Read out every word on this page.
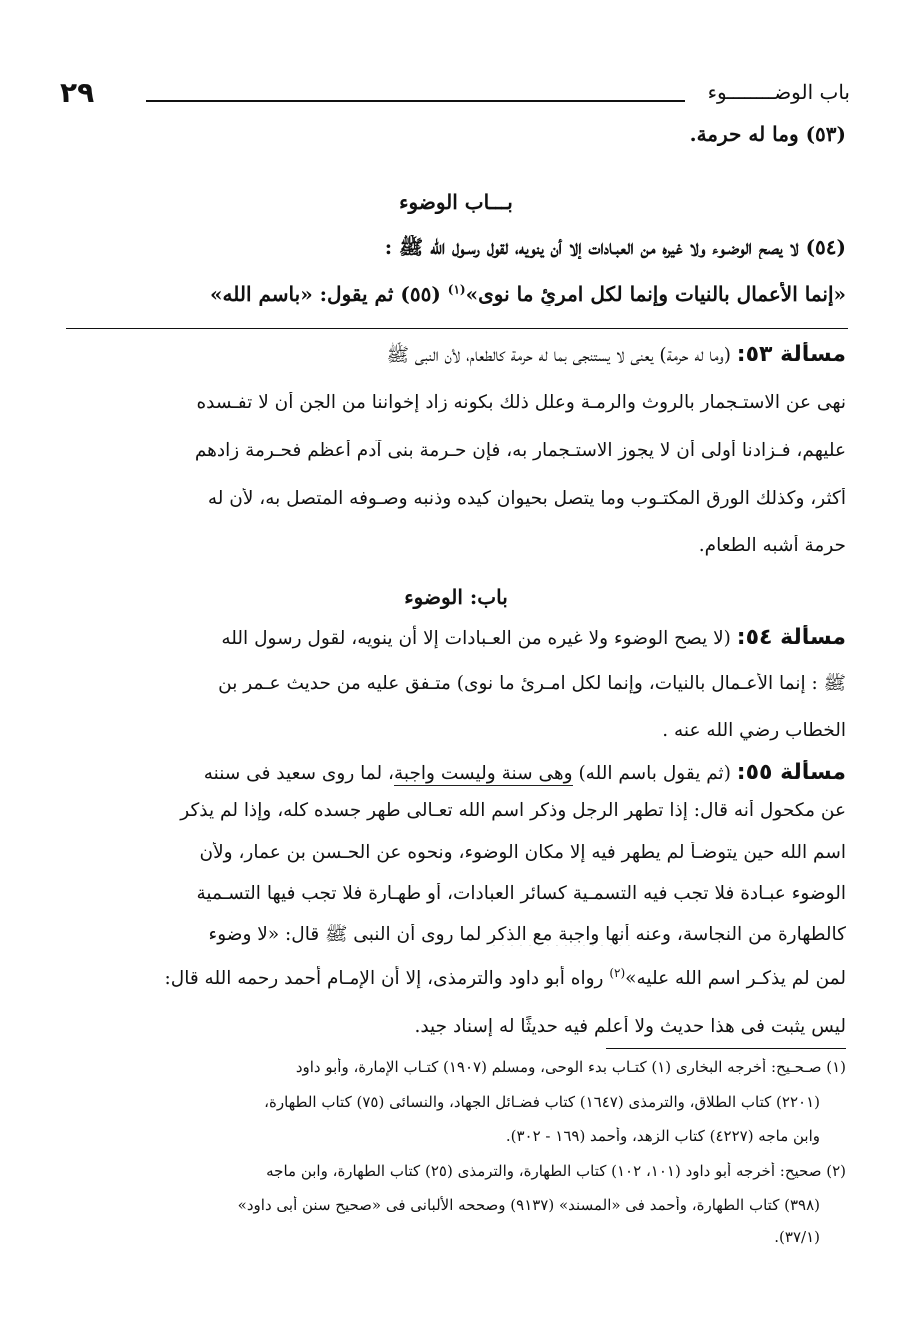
باب الوضــــــــوء
٢٩
(٥٣) وما له حرمة.
بـــاب الوضوء
(٥٤) لا يصح الوضـوء ولا غيره من العبـادات إلا أن ينويه، لقول رسـول الله ﷺ :
«إنما الأعمال بالنيات وإنما لكل امرئٍ ما نوى»$^{(١)}$ (٥٥) ثم يقول: «باسم الله»
مسألة ٥٣: (وما له حرمة) يعنى لا يستنجى بما له حرمة كالطعام، لأن النبى ﷺ
نهى عن الاستـجمار بالروث والرمـة وعلل ذلك بكونه زاد إخواننا من الجن أن لا تفـسده
عليهم، فـزادنا أولى أن لا يجوز الاستـجمار به، فإن حـرمة بنى آدم أعظم فحـرمة زادهم
أكثر، وكذلك الورق المكتـوب وما يتصل بحيوان كيده وذنبه وصـوفه المتصل به، لأن له
حرمة أشبه الطعام.
باب: الوضوء
مسألة ٥٤: (لا يصح الوضوء ولا غيره من العـبادات إلا أن ينويه، لقول رسول الله
ﷺ : إنما الأعـمال بالنيات، وإنما لكل امـرئ ما نوى) متـفق عليه من حديث عـمر بن
الخطاب رضي الله عنه .
مسألة ٥٥: (ثم يقول باسم الله) وهى سنة وليست واجبة، لما روى سعيد فى سننه
عن مكحول أنه قال: إذا تطهر الرجل وذكر اسم الله تعـالى طهر جسده كله، وإذا لم يذكر
اسم الله حين يتوضـأ لم يطهر فيه إلا مكان الوضوء، ونحوه عن الحـسن بن عمار، ولأن
الوضوء عبـادة فلا تجب فيه التسمـية كسائر العبادات، أو طهـارة فلا تجب فيها التسـمية
كالطهارة من النجاسة، وعنه أنها واجبة مع الذكر لما روى أن النبى ﷺ قال: «لا وضوء
لمن لم يذكـر اسم الله عليه»$^{(٢)}$ رواه أبو داود والترمذى، إلا أن الإمـام أحمد رحمه الله قال:
ليس يثبت فى هذا حديث ولا أعلم فيه حديثًا له إسناد جيد.
(١) صـحـيح: أخرجه البخارى (١) كتـاب بدء الوحى، ومسلم (١٩٠٧) كتـاب الإمارة، وأبو داود
(٢٢٠١) كتاب الطلاق، والترمذى (١٦٤٧) كتاب فضـائل الجهاد، والنسائى (٧٥) كتاب الطهارة،
وابن ماجه (٤٢٢٧) كتاب الزهد، وأحمد (١٦٩ - ٣٠٢).
(٢) صحيح: أخرجه أبو داود (١٠١، ١٠٢) كتاب الطهارة، والترمذى (٢٥) كتاب الطهارة، وابن ماجه
(٣٩٨) كتاب الطهارة، وأحمد فى «المسند» (٩١٣٧) وصححه الألبانى فى «صحيح سنن أبى داود»
(٣٧/١).
